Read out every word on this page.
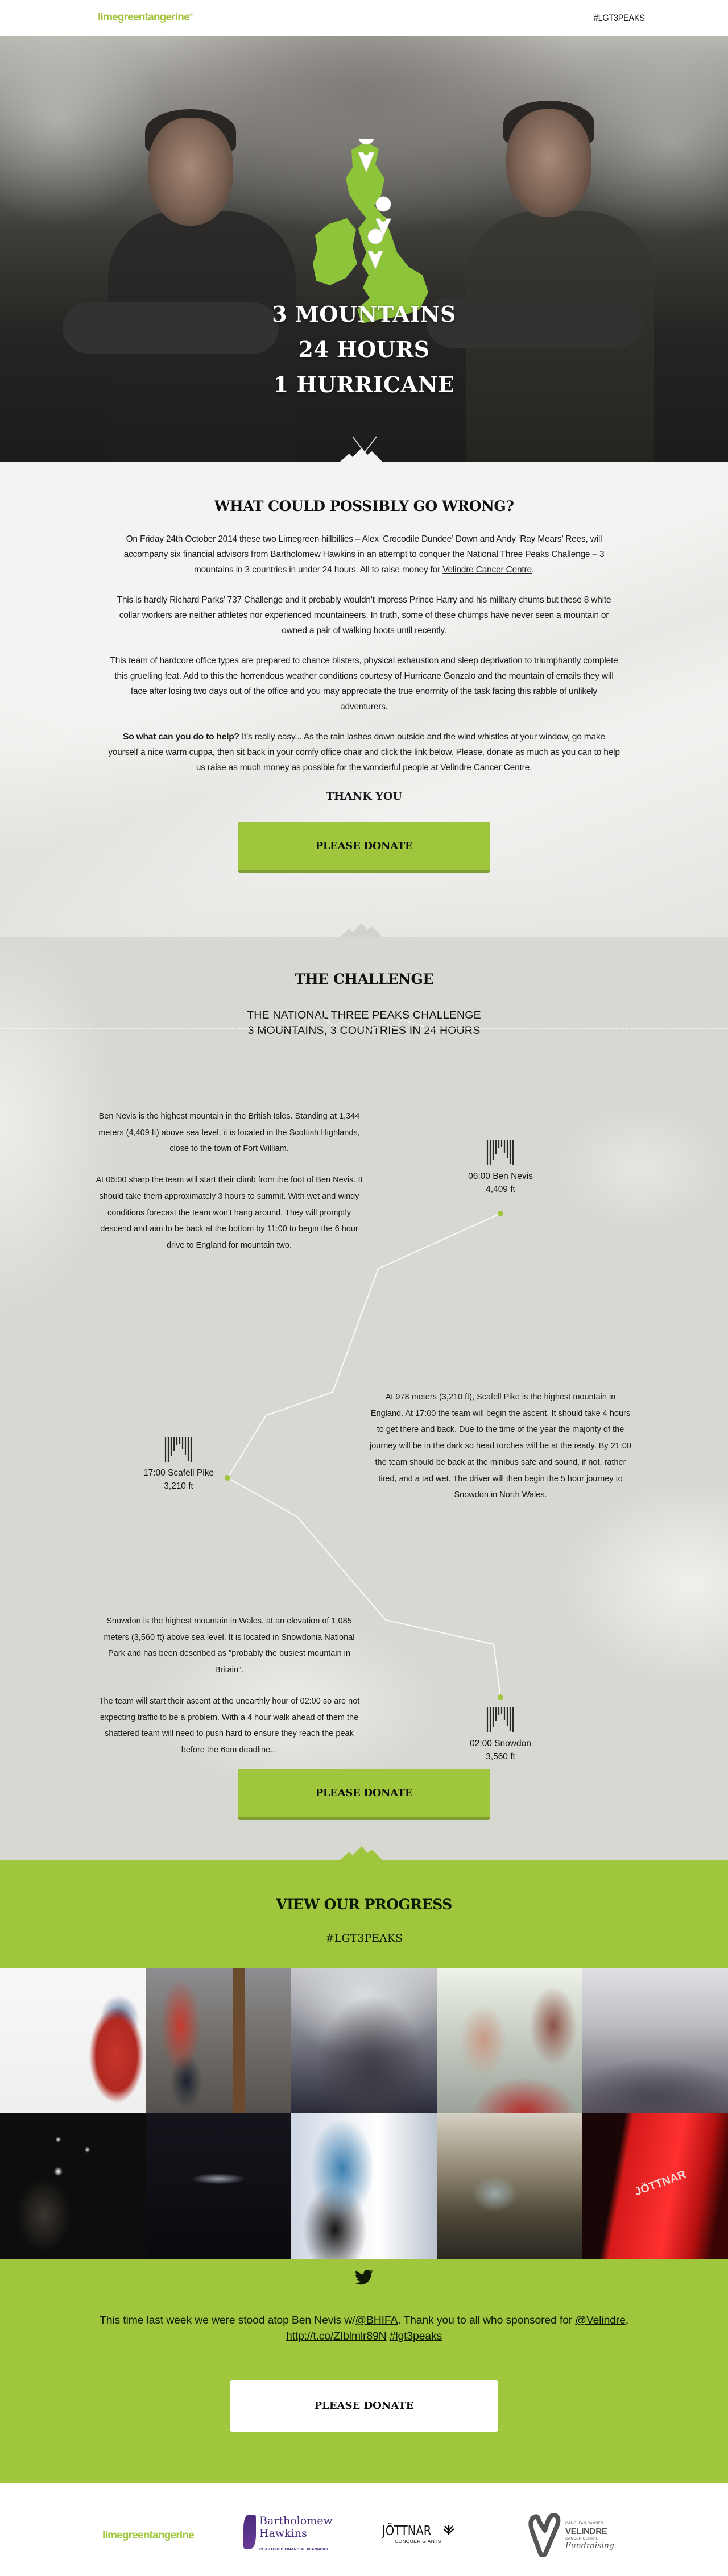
limegreentangerine®	#LGT3PEAKS
3 MOUNTAINS
24 HOURS
1 HURRICANE
WHAT COULD POSSIBLY GO WRONG?

On Friday 24th October 2014 these two Limegreen hillbillies – Alex ‘Crocodile Dundee’ Down and Andy ‘Ray Mears’ Rees, will accompany six financial advisors from Bartholomew Hawkins in an attempt to conquer the National Three Peaks Challenge – 3 mountains in 3 countries in under 24 hours. All to raise money for Velindre Cancer Centre.

This is hardly Richard Parks’ 737 Challenge and it probably wouldn't impress Prince Harry and his military chums but these 8 white collar workers are neither athletes nor experienced mountaineers. In truth, some of these chumps have never seen a mountain or owned a pair of walking boots until recently.

This team of hardcore office types are prepared to chance blisters, physical exhaustion and sleep deprivation to triumphantly complete this gruelling feat. Add to this the horrendous weather conditions courtesy of Hurricane Gonzalo and the mountain of emails they will face after losing two days out of the office and you may appreciate the true enormity of the task facing this rabble of unlikely adventurers.

So what can you do to help? It's really easy... As the rain lashes down outside and the wind whistles at your window, go make yourself a nice warm cuppa, then sit back in your comfy office chair and click the link below. Please, donate as much as you can to help us raise as much money as possible for the wonderful people at Velindre Cancer Centre.

THANK YOU
PLEASE DONATE
THE CHALLENGE
THE NATIONAL THREE PEAKS CHALLENGE
3 MOUNTAINS, 3 COUNTRIES IN 24 HOURS

Ben Nevis is the highest mountain in the British Isles. Standing at 1,344 meters (4,409 ft) above sea level, it is located in the Scottish Highlands, close to the town of Fort William.

At 06:00 sharp the team will start their climb from the foot of Ben Nevis. It should take them approximately 3 hours to summit. With wet and windy conditions forecast the team won't hang around. They will promptly descend and aim to be back at the bottom by 11:00 to begin the 6 hour drive to England for mountain two.

06:00 Ben Nevis
4,409 ft
17:00 Scafell Pike
3,210 ft

At 978 meters (3,210 ft), Scafell Pike is the highest mountain in England. At 17:00 the team will begin the ascent. It should take 4 hours to get there and back. Due to the time of the year the majority of the journey will be in the dark so head torches will be at the ready. By 21:00 the team should be back at the minibus safe and sound, if not, rather tired, and a tad wet. The driver will then begin the 5 hour journey to Snowdon in North Wales.

Snowdon is the highest mountain in Wales, at an elevation of 1,085 meters (3,560 ft) above sea level. It is located in Snowdonia National Park and has been described as "probably the busiest mountain in Britain".

The team will start their ascent at the unearthly hour of 02:00 so are not expecting traffic to be a problem. With a 4 hour walk ahead of them the shattered team will need to push hard to ensure they reach the peak before the 6am deadline...

02:00 Snowdon
3,560 ft
PLEASE DONATE
VIEW OUR PROGRESS
#LGT3PEAKS
JÖTTNAR
This time last week we were stood atop Ben Nevis w/@BHIFA. Thank you to all who sponsored for @Velindre, http://t.co/ZIblmlr89N #lgt3peaks
PLEASE DONATE
limegreentangerine
Bartholomew
Hawkins
CHARTERED FINANCIAL PLANNERS
JÖTTNAR
CONQUER GIANTS
CANOLFAN CANSER
VELINDRE
CANCER CENTRE
Fundraising
